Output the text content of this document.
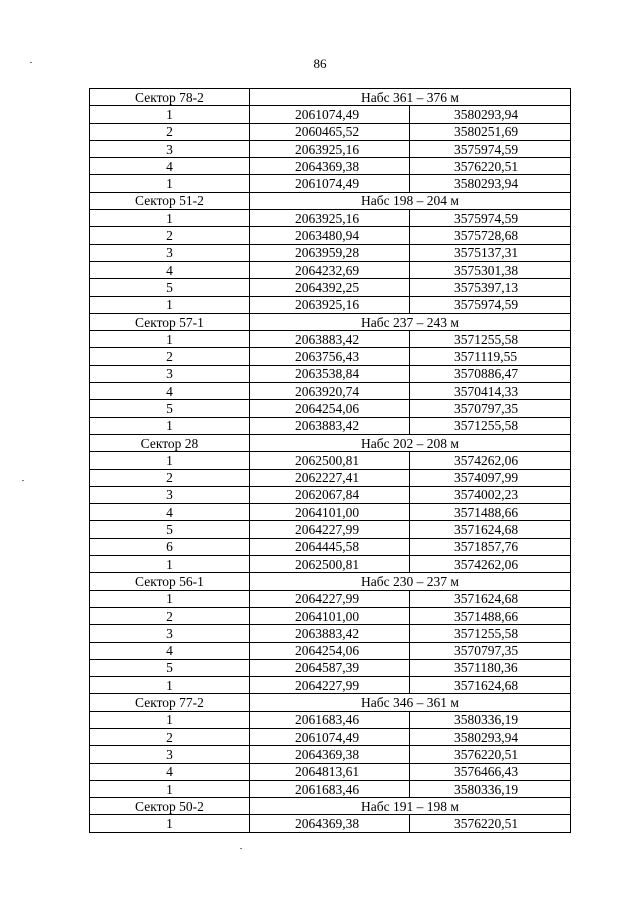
86
Сектор 78-2	Набс 361 – 376 м	
1	2061074,49	3580293,94
2	2060465,52	3580251,69
3	2063925,16	3575974,59
4	2064369,38	3576220,51
1	2061074,49	3580293,94
Сектор 51-2	Набс 198 – 204 м	
1	2063925,16	3575974,59
2	2063480,94	3575728,68
3	2063959,28	3575137,31
4	2064232,69	3575301,38
5	2064392,25	3575397,13
1	2063925,16	3575974,59
Сектор 57-1	Набс 237 – 243 м	
1	2063883,42	3571255,58
2	2063756,43	3571119,55
3	2063538,84	3570886,47
4	2063920,74	3570414,33
5	2064254,06	3570797,35
1	2063883,42	3571255,58
Сектор 28	Набс 202 – 208 м	
1	2062500,81	3574262,06
2	2062227,41	3574097,99
3	2062067,84	3574002,23
4	2064101,00	3571488,66
5	2064227,99	3571624,68
6	2064445,58	3571857,76
1	2062500,81	3574262,06
Сектор 56-1	Набс 230 – 237 м	
1	2064227,99	3571624,68
2	2064101,00	3571488,66
3	2063883,42	3571255,58
4	2064254,06	3570797,35
5	2064587,39	3571180,36
1	2064227,99	3571624,68
Сектор 77-2	Набс 346 – 361 м	
1	2061683,46	3580336,19
2	2061074,49	3580293,94
3	2064369,38	3576220,51
4	2064813,61	3576466,43
1	2061683,46	3580336,19
Сектор 50-2	Набс 191 – 198 м	
1	2064369,38	3576220,51
